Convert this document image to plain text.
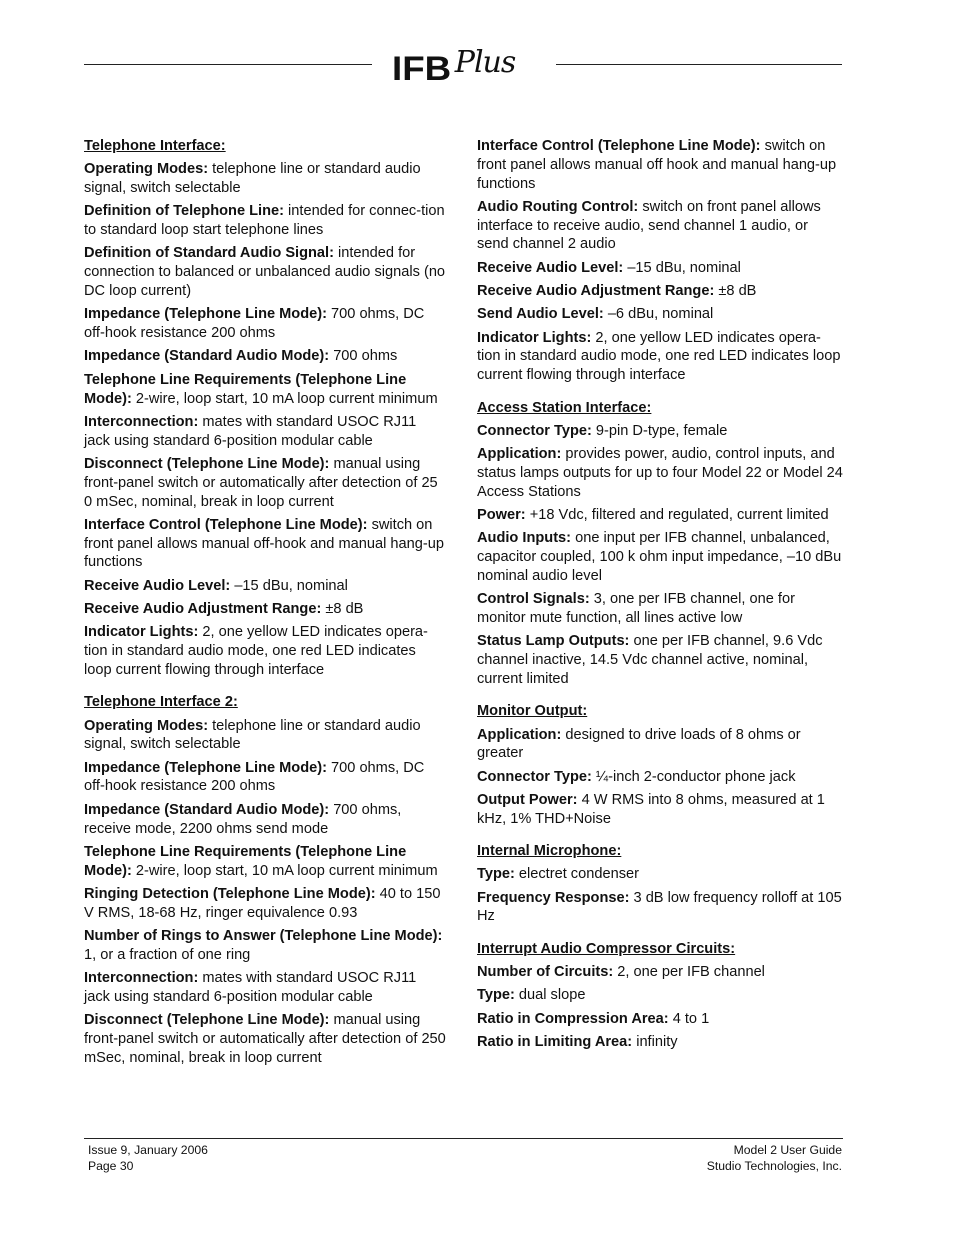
IFB Plus
Telephone Interface:
Operating Modes: telephone line or standard audio signal, switch selectable
Definition of Telephone Line: intended for connec-tion to standard loop start telephone lines
Definition of Standard Audio Signal: intended for connection to balanced or unbalanced audio signals (no DC loop current)
Impedance (Telephone Line Mode): 700 ohms, DC off-hook resistance 200 ohms
Impedance (Standard Audio Mode): 700 ohms
Telephone Line Requirements (Telephone Line Mode): 2-wire, loop start, 10 mA loop current minimum
Interconnection: mates with standard USOC RJ11 jack using standard 6-position modular cable
Disconnect (Telephone Line Mode): manual using front-panel switch or automatically after detection of 25 0 mSec, nominal, break in loop current
Interface Control (Telephone Line Mode): switch on front panel allows manual off-hook and manual hang-up functions
Receive Audio Level: –15 dBu, nominal
Receive Audio Adjustment Range: ±8 dB
Indicator Lights: 2, one yellow LED indicates opera-tion in standard audio mode, one red LED indicates loop current flowing through interface
Telephone Interface 2:
Operating Modes: telephone line or standard audio signal, switch selectable
Impedance (Telephone Line Mode): 700 ohms, DC off-hook resistance 200 ohms
Impedance (Standard Audio Mode): 700 ohms, receive mode, 2200 ohms send mode
Telephone Line Requirements (Telephone Line Mode): 2-wire, loop start, 10 mA loop current minimum
Ringing Detection (Telephone Line Mode): 40 to 150 V RMS, 18-68 Hz, ringer equivalence 0.93
Number of Rings to Answer (Telephone Line Mode): 1, or a fraction of one ring
Interconnection: mates with standard USOC RJ11 jack using standard 6-position modular cable
Disconnect (Telephone Line Mode): manual using front-panel switch or automatically after detection of 250 mSec, nominal, break in loop current
Interface Control (Telephone Line Mode): switch on front panel allows manual off hook and manual hang-up functions
Audio Routing Control: switch on front panel allows interface to receive audio, send channel 1 audio, or send channel 2 audio
Receive Audio Level: –15 dBu, nominal
Receive Audio Adjustment Range: ±8 dB
Send Audio Level: –6 dBu, nominal
Indicator Lights: 2, one yellow LED indicates opera-tion in standard audio mode, one red LED indicates loop current flowing through interface
Access Station Interface:
Connector Type: 9-pin D-type, female
Application: provides power, audio, control inputs, and status lamps outputs for up to four Model 22 or Model 24 Access Stations
Power: +18 Vdc, filtered and regulated, current limited
Audio Inputs: one input per IFB channel, unbalanced, capacitor coupled, 100 k ohm input impedance, –10 dBu nominal audio level
Control Signals: 3, one per IFB channel, one for monitor mute function, all lines active low
Status Lamp Outputs: one per IFB channel, 9.6 Vdc channel inactive, 14.5 Vdc channel active, nominal, current limited
Monitor Output:
Application: designed to drive loads of 8 ohms or greater
Connector Type: ¼-inch 2-conductor phone jack
Output Power: 4 W RMS into 8 ohms, measured at 1 kHz, 1% THD+Noise
Internal Microphone:
Type: electret condenser
Frequency Response: 3 dB low frequency rolloff at 105 Hz
Interrupt Audio Compressor Circuits:
Number of Circuits: 2, one per IFB channel
Type: dual slope
Ratio in Compression Area: 4 to 1
Ratio in Limiting Area: infinity
Issue 9, January 2006
Page 30
Model 2 User Guide
Studio Technologies, Inc.
